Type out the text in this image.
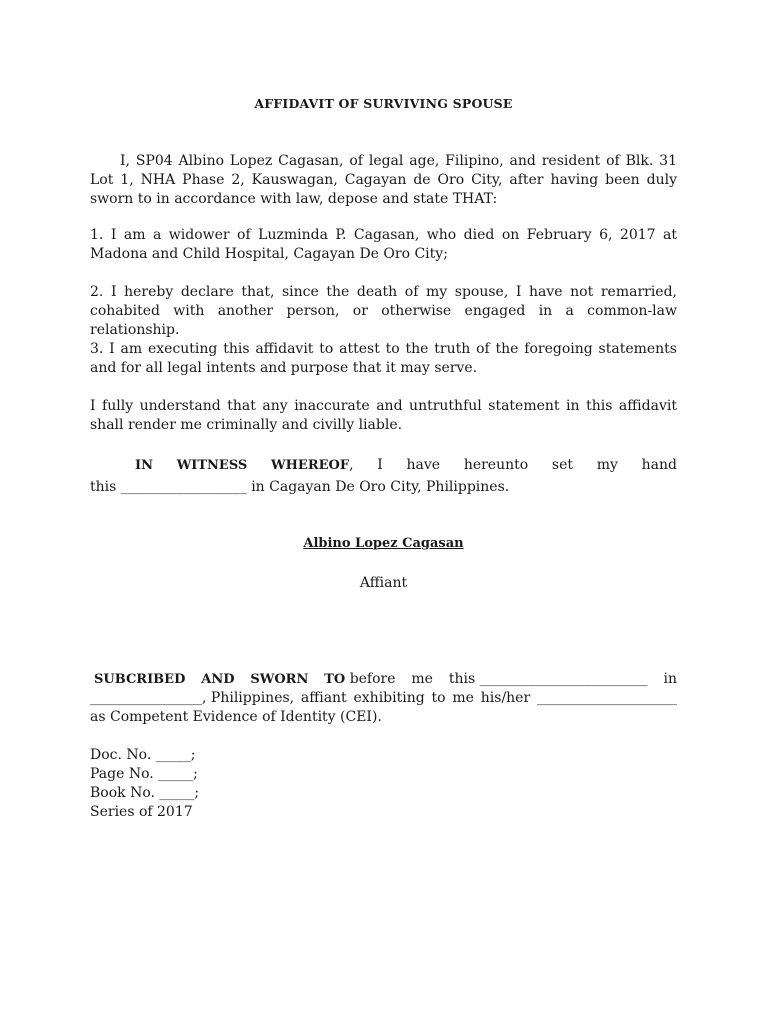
AFFIDAVIT OF SURVIVING SPOUSE

I, SP04 Albino Lopez Cagasan, of legal age, Filipino, and resident of Blk. 31 Lot 1, NHA Phase 2, Kauswagan, Cagayan de Oro City, after having been duly sworn to in accordance with law, depose and state THAT:

1. I am a widower of Luzminda P. Cagasan, who died on February 6, 2017 at Madona and Child Hospital, Cagayan De Oro City;

2. I hereby declare that, since the death of my spouse, I have not remarried, cohabited with another person, or otherwise engaged in a common-law relationship.

3. I am executing this affidavit to attest to the truth of the foregoing statements and for all legal intents and purpose that it may serve.

I fully understand that any inaccurate and untruthful statement in this affidavit shall render me criminally and civilly liable.

IN WITNESS WHEREOF, I have hereunto set my hand
this __________________ in Cagayan De Oro City, Philippines.
Albino Lopez Cagasan
Affiant
SUBCRIBED AND SWORN TO before me this ________________________ in
________________, Philippines, affiant exhibiting to me his/her ____________________
as Competent Evidence of Identity (CEI).
Doc. No. _____;
Page No. _____;
Book No. _____;
Series of 2017
